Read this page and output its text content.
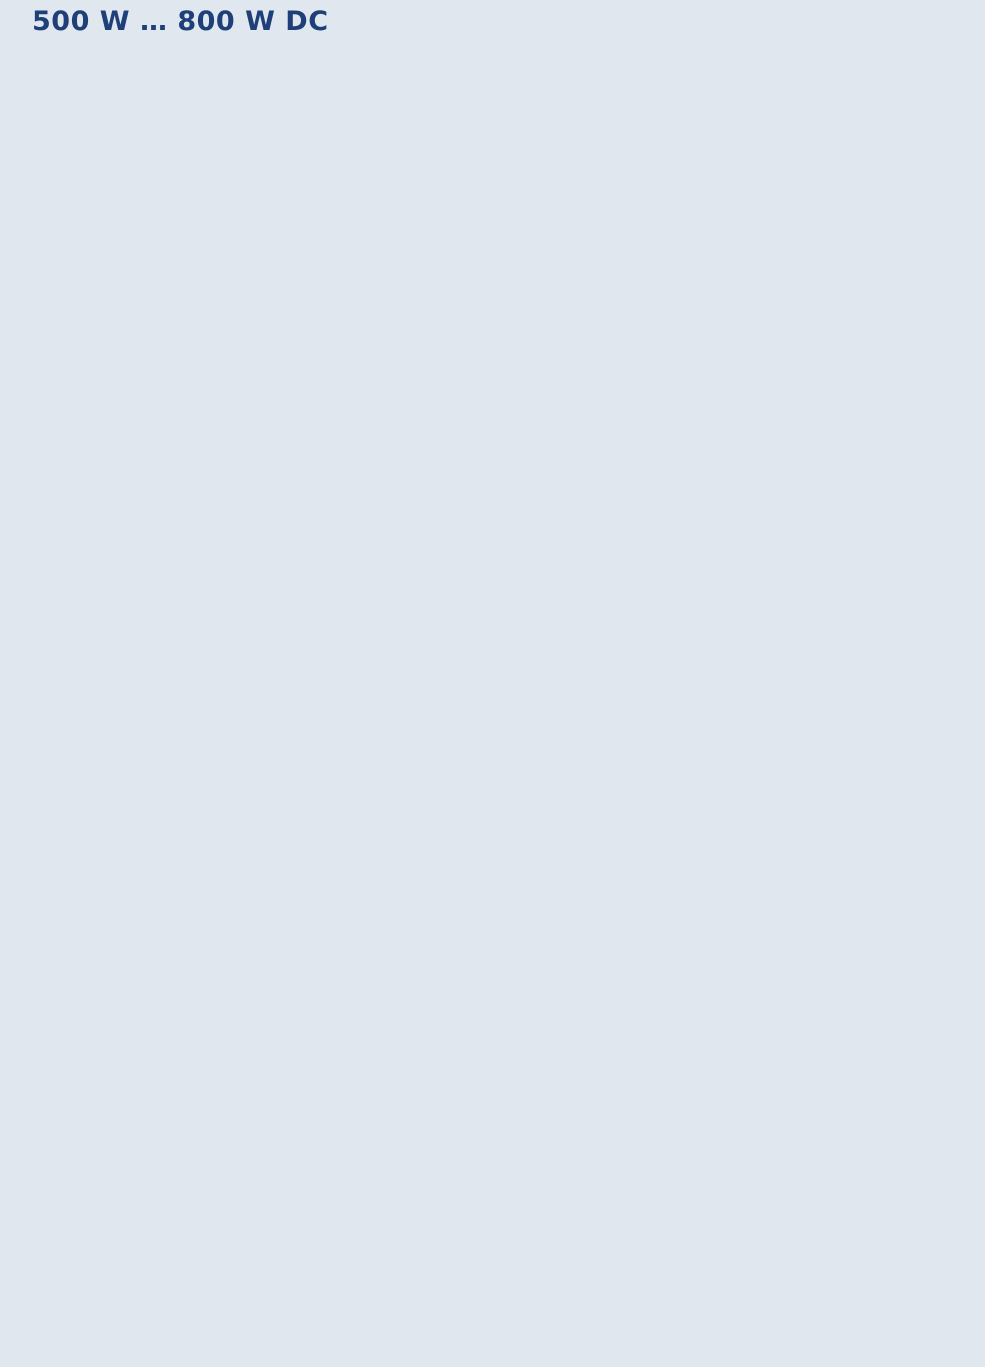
500 W … 800 W DC
